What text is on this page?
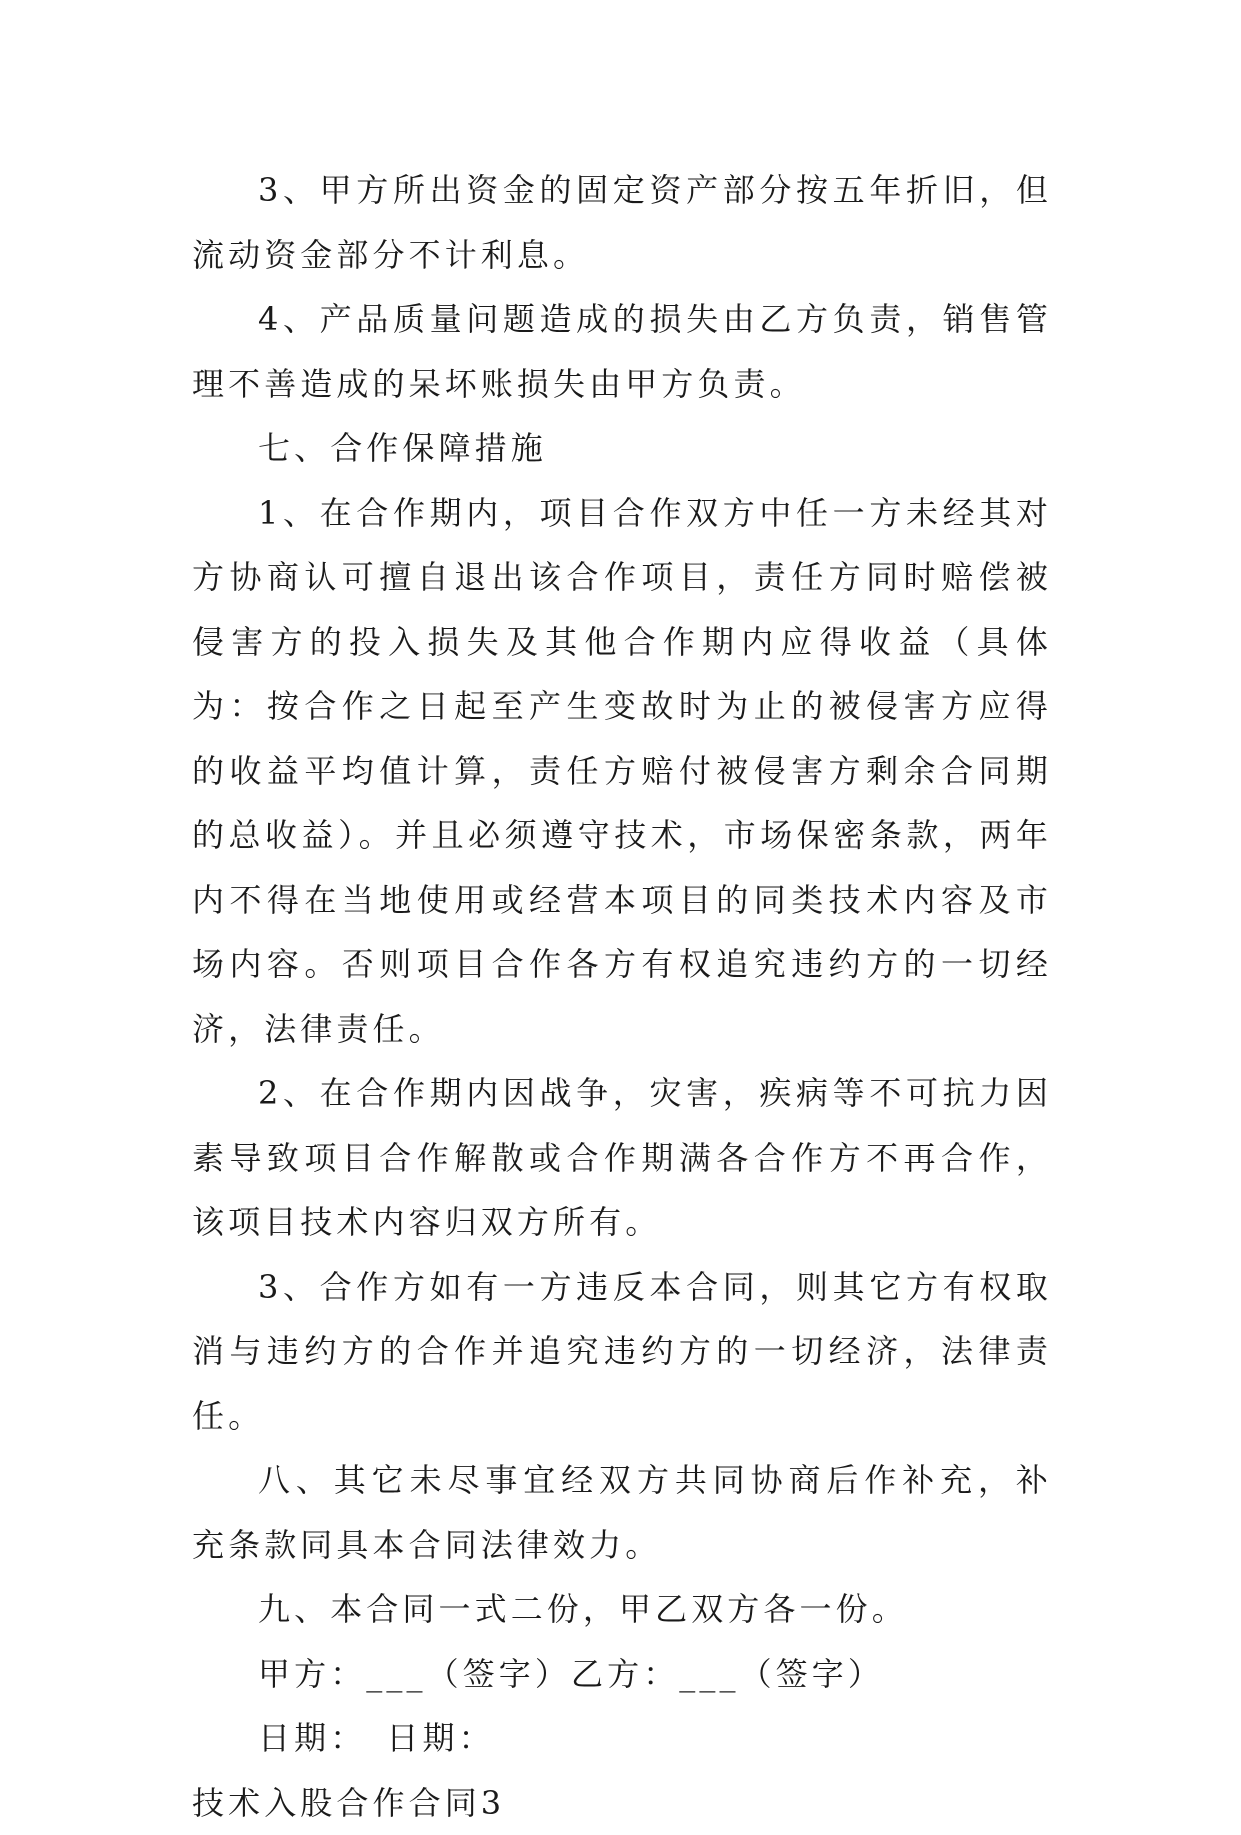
3、甲方所出资金的固定资产部分按五年折旧，但流动资金部分不计利息。

4、产品质量问题造成的损失由乙方负责，销售管理不善造成的呆坏账损失由甲方负责。

七、合作保障措施

1、在合作期内，项目合作双方中任一方未经其对方协商认可擅自退出该合作项目，责任方同时赔偿被侵害方的投入损失及其他合作期内应得收益（具体为：按合作之日起至产生变故时为止的被侵害方应得的收益平均值计算，责任方赔付被侵害方剩余合同期的总收益）。并且必须遵守技术，市场保密条款，两年内不得在当地使用或经营本项目的同类技术内容及市场内容。否则项目合作各方有权追究违约方的一切经济，法律责任。

2、在合作期内因战争，灾害，疾病等不可抗力因素导致项目合作解散或合作期满各合作方不再合作，该项目技术内容归双方所有。

3、合作方如有一方违反本合同，则其它方有权取消与违约方的合作并追究违约方的一切经济，法律责任。

八、其它未尽事宜经双方共同协商后作补充，补充条款同具本合同法律效力。

九、本合同一式二份，甲乙双方各一份。

甲方：___（签字）乙方：___（签字）

日期：　日期：

技术入股合作合同3
